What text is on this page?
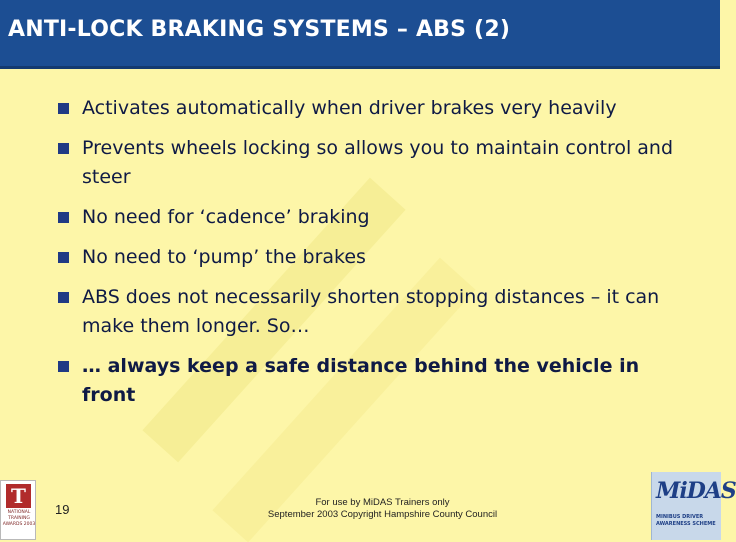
ANTI-LOCK BRAKING SYSTEMS – ABS (2)
Activates automatically when driver brakes very heavily
Prevents wheels locking so allows you to maintain control and steer
No need for ‘cadence’ braking
No need to ‘pump’ the brakes
ABS does not necessarily shorten stopping distances – it can make them longer. So…
… always keep a safe distance behind the vehicle in front
T
NATIONAL TRAINING AWARDS 2003
19	For use by MiDAS Trainers only
September 2003 Copyright Hampshire County Council
MiDAS
MINIBUS DRIVER AWARENESS SCHEME
